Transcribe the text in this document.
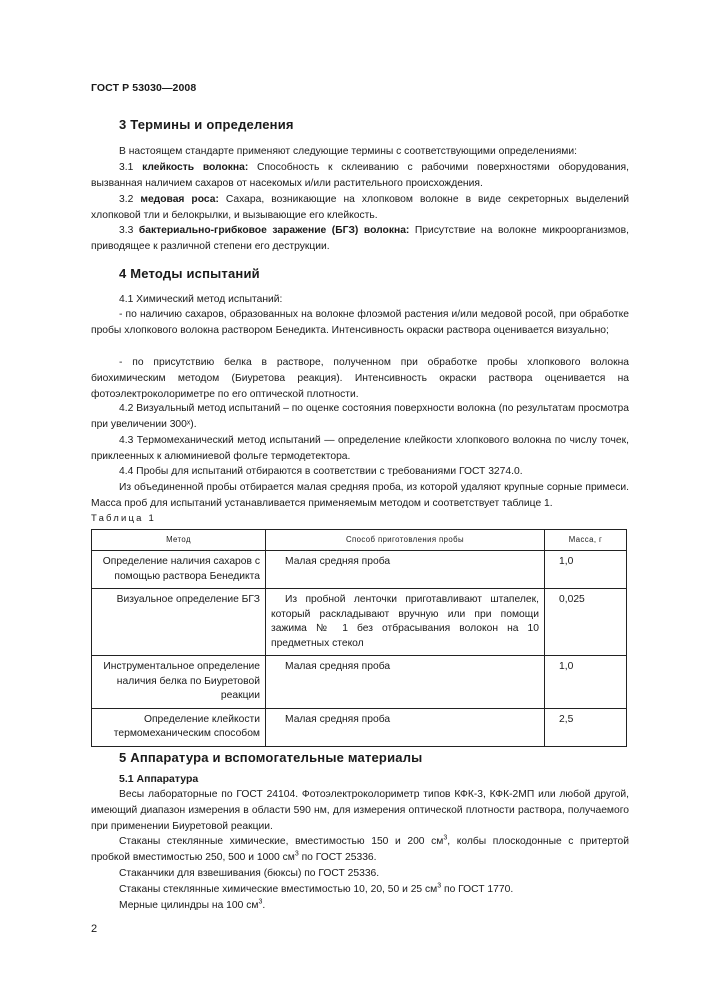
ГОСТ Р 53030—2008
3 Термины и определения

В настоящем стандарте применяют следующие термины с соответствующими определениями:

3.1 клейкость волокна: Способность к склеиванию с рабочими поверхностями оборудования, вызванная наличием сахаров от насекомых и/или растительного происхождения.

3.2 медовая роса: Сахара, возникающие на хлопковом волокне в виде секреторных выделений хлопковой тли и белокрылки, и вызывающие его клейкость.

3.3 бактериально-грибковое заражение (БГЗ) волокна: Присутствие на волокне микроорганизмов, приводящее к различной степени его деструкции.

4 Методы испытаний

4.1 Химический метод испытаний:

- по наличию сахаров, образованных на волокне флоэмой растения и/или медовой росой, при обработке пробы хлопкового волокна раствором Бенедикта. Интенсивность окраски раствора оценивается визуально;

- по присутствию белка в растворе, полученном при обработке пробы хлопкового волокна биохимическим методом (Биуретова реакция). Интенсивность окраски раствора оценивается на фотоэлектроколориметре по его оптической плотности.

4.2 Визуальный метод испытаний – по оценке состояния поверхности волокна (по результатам просмотра при увеличении 300ˣ).

4.3 Термомеханический метод испытаний — определение клейкости хлопкового волокна по числу точек, приклеенных к алюминиевой фольге термодетектора.

4.4 Пробы для испытаний отбираются в соответствии с требованиями ГОСТ 3274.0.

Из объединенной пробы отбирается малая средняя проба, из которой удаляют крупные сорные примеси. Масса проб для испытаний устанавливается применяемым методом и соответствует таблице 1.

Таблица 1
Метод	Способ приготовления пробы	Масса, г
Определение наличия сахаров с помощью раствора Бенедикта	Малая средняя проба	1,0
Визуальное определение БГЗ	Из пробной ленточки приготавливают штапелек, который раскладывают вручную или при помощи зажима № 1 без отбрасывания волокон на 10 предметных стекол	0,025
Инструментальное определение наличия белка по Биуретовой реакции	Малая средняя проба	1,0
Определение клейкости термомеханическим способом	Малая средняя проба	2,5
5 Аппаратура и вспомогательные материалы
5.1 Аппаратура

Весы лабораторные по ГОСТ 24104. Фотоэлектроколориметр типов КФК-3, КФК-2МП или любой другой, имеющий диапазон измерения в области 590 нм, для измерения оптической плотности раствора, получаемого при применении Биуретовой реакции.

Стаканы стеклянные химические, вместимостью 150 и 200 $см^3$, колбы плоскодонные с притертой пробкой вместимостью 250, 500 и 1000 $см^3$ по ГОСТ 25336.

Стаканчики для взвешивания (бюксы) по ГОСТ 25336.

Стаканы стеклянные химические вместимостью 10, 20, 50 и 25 $см^3$ по ГОСТ 1770.

Мерные цилиндры на 100 $см^3$.

2
